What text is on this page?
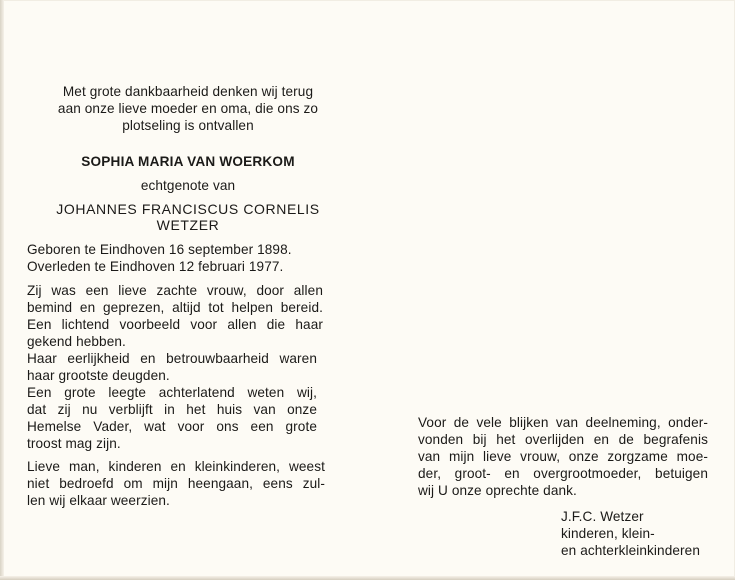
Met grote dankbaarheid denken wij terug

aan onze lieve moeder en oma, die ons zo

plotseling is ontvallen

SOPHIA MARIA VAN WOERKOM

echtgenote van

JOHANNES FRANCISCUS CORNELIS

WETZER

Geboren te Eindhoven 16 september 1898.

Overleden te Eindhoven 12 februari 1977.

Zij was een lieve zachte vrouw, door allen

bemind en geprezen, altijd tot helpen bereid.

Een lichtend voorbeeld voor allen die haar

gekend hebben.

Haar eerlijkheid en betrouwbaarheid waren

haar grootste deugden.

Een grote leegte achterlatend weten wij,

dat zij nu verblijft in het huis van onze

Hemelse Vader, wat voor ons een grote

troost mag zijn.

Lieve man, kinderen en kleinkinderen, weest

niet bedroefd om mijn heengaan, eens zul-

len wij elkaar weerzien.

Voor de vele blijken van deelneming, onder-

vonden bij het overlijden en de begrafenis

van mijn lieve vrouw, onze zorgzame moe-

der, groot- en overgrootmoeder, betuigen

wij U onze oprechte dank.

J.F.C. Wetzer

kinderen, klein-

en achterkleinkinderen
